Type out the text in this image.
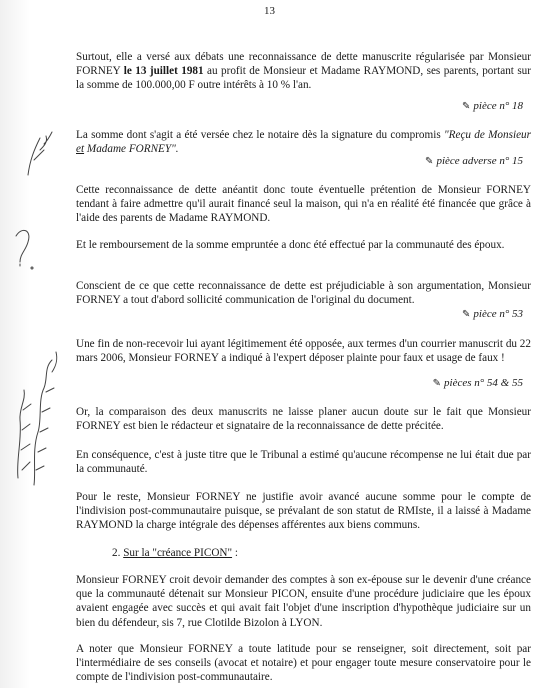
13
Surtout, elle a versé aux débats une reconnaissance de dette manuscrite régularisée par Monsieur FORNEY le 13 juillet 1981 au profit de Monsieur et Madame RAYMOND, ses parents, portant sur la somme de 100.000,00 F outre intérêts à 10 % l'an.
✎ pièce n° 18
La somme dont s'agit a été versée chez le notaire dès la signature du compromis "Reçu de Monsieur et Madame FORNEY".
✎ pièce adverse n° 15
Cette reconnaissance de dette anéantit donc toute éventuelle prétention de Monsieur FORNEY tendant à faire admettre qu'il aurait financé seul la maison, qui n'a en réalité été financée que grâce à l'aide des parents de Madame RAYMOND.
Et le remboursement de la somme empruntée a donc été effectué par la communauté des époux.
Conscient de ce que cette reconnaissance de dette est préjudiciable à son argumentation, Monsieur FORNEY a tout d'abord sollicité communication de l'original du document.
✎ pièce n° 53
Une fin de non-recevoir lui ayant légitimement été opposée, aux termes d'un courrier manuscrit du 22 mars 2006, Monsieur FORNEY a indiqué à l'expert déposer plainte pour faux et usage de faux !
✎ pièces n° 54 & 55
Or, la comparaison des deux manuscrits ne laisse planer aucun doute sur le fait que Monsieur FORNEY est bien le rédacteur et signataire de la reconnaissance de dette précitée.
En conséquence, c'est à juste titre que le Tribunal a estimé qu'aucune récompense ne lui était due par la communauté.
Pour le reste, Monsieur FORNEY ne justifie avoir avancé aucune somme pour le compte de l'indivision post-communautaire puisque, se prévalant de son statut de RMIste, il a laissé à Madame RAYMOND la charge intégrale des dépenses afférentes aux biens communs.
2. Sur la "créance PICON" :
Monsieur FORNEY croit devoir demander des comptes à son ex-épouse sur le devenir d'une créance que la communauté détenait sur Monsieur PICON, ensuite d'une procédure judiciaire que les époux avaient engagée avec succès et qui avait fait l'objet d'une inscription d'hypothèque judiciaire sur un bien du défendeur, sis 7, rue Clotilde Bizolon à LYON.
A noter que Monsieur FORNEY a toute latitude pour se renseigner, soit directement, soit par l'intermédiaire de ses conseils (avocat et notaire) et pour engager toute mesure conservatoire pour le compte de l'indivision post-communautaire.
